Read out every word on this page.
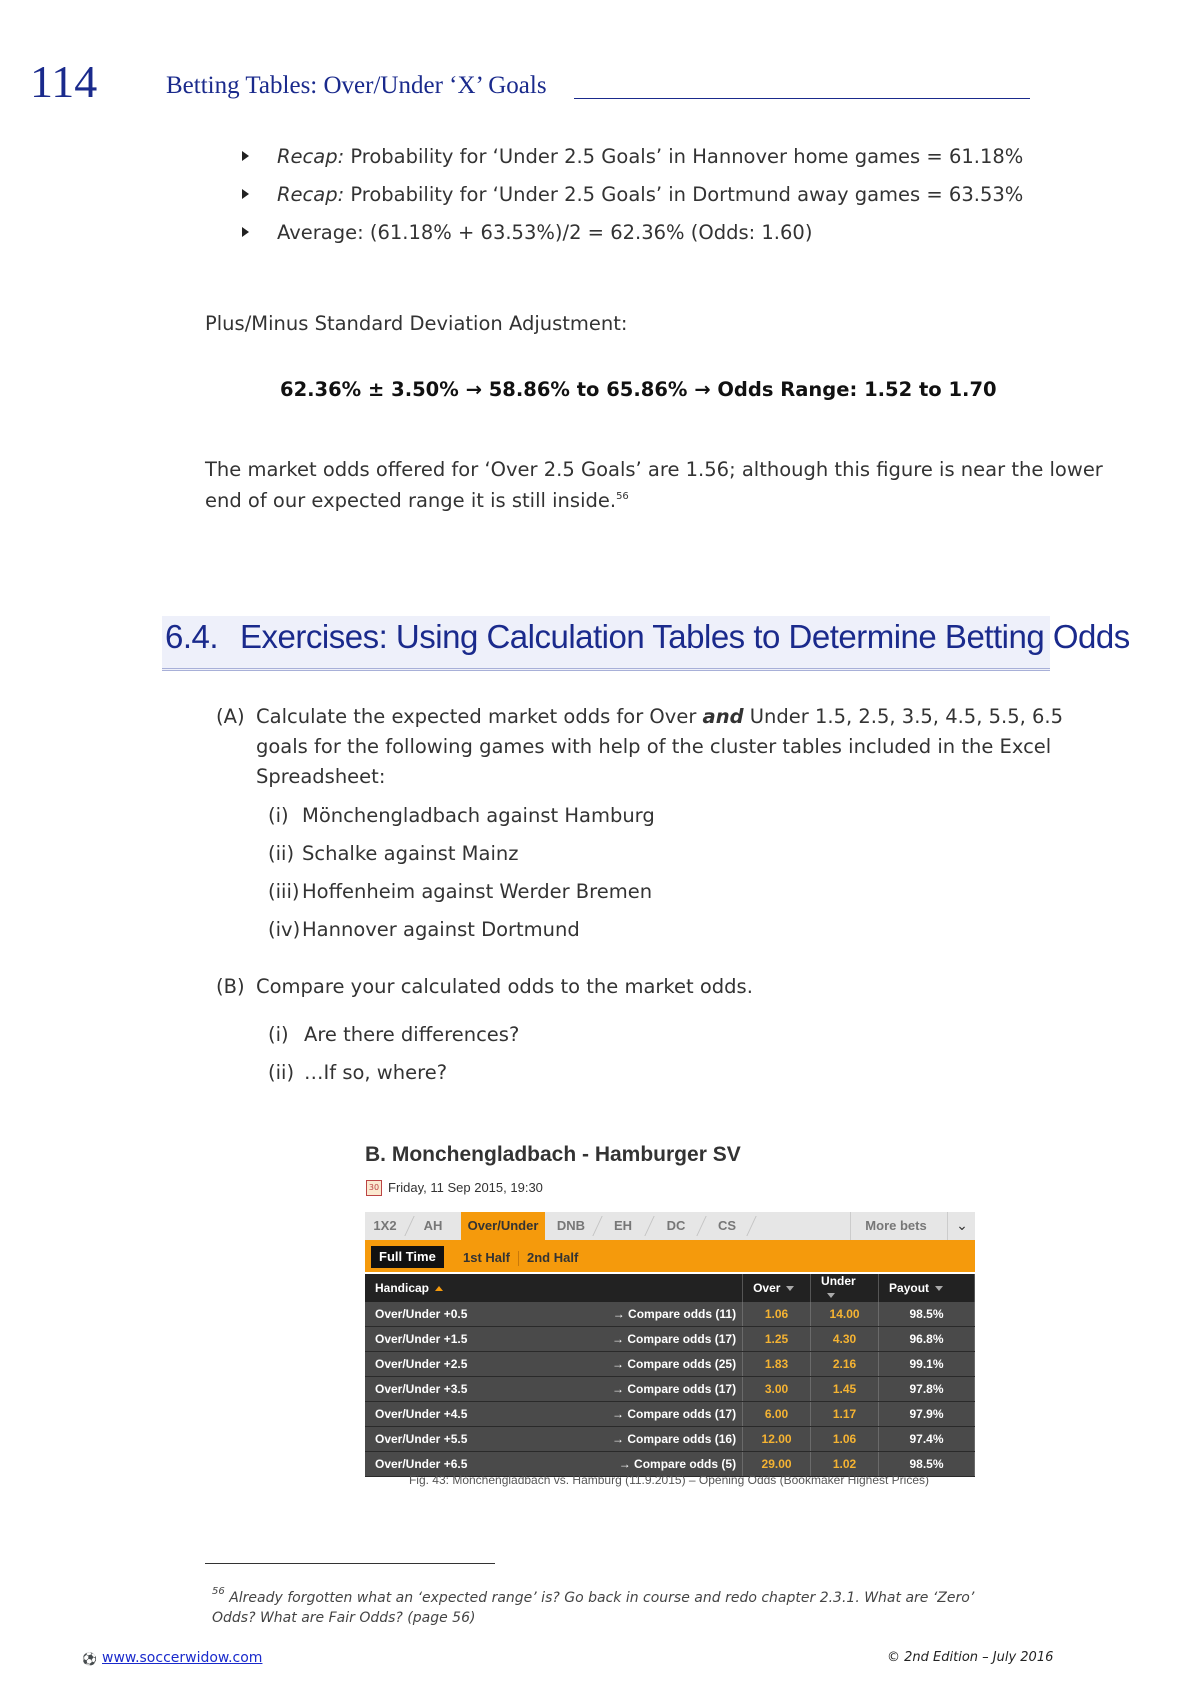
114	Betting Tables: Over/Under ‘X’ Goals
Recap: Probability for ‘Under 2.5 Goals’ in Hannover home games = 61.18%
Recap: Probability for ‘Under 2.5 Goals’ in Dortmund away games = 63.53%
Average: (61.18% + 63.53%)/2 = 62.36% (Odds: 1.60)
Plus/Minus Standard Deviation Adjustment:
62.36% ± 3.50% → 58.86% to 65.86% → Odds Range: 1.52 to 1.70
The market odds offered for ‘Over 2.5 Goals’ are 1.56; although this figure is near the lower
end of our expected range it is still inside.$^{56}$
6.4. Exercises: Using Calculation Tables to Determine Betting Odds
(A) Calculate the expected market odds for Over and Under 1.5, 2.5, 3.5, 4.5, 5.5, 6.5
goals for the following games with help of the cluster tables included in the Excel
Spreadsheet:
(i) Mönchengladbach against Hamburg
(ii) Schalke against Mainz
(iii) Hoffenheim against Werder Bremen
(iv) Hannover against Dortmund
(B) Compare your calculated odds to the market odds.
(i) Are there differences?
(ii) …If so, where?
B. Monchengladbach - Hamburger SV
30 Friday, 11 Sep 2015, 19:30
1X2	AH	Over/Under	DNB	EH	DC	CS	More bets	⌄
Full Time	1st Half 2nd Half
Handicap	Over	Under	Payout
Over/Under +0.5 → Compare odds (11)	1.06	14.00	98.5%
Over/Under +1.5 → Compare odds (17)	1.25	4.30	96.8%
Over/Under +2.5 → Compare odds (25)	1.83	2.16	99.1%
Over/Under +3.5 → Compare odds (17)	3.00	1.45	97.8%
Over/Under +4.5 → Compare odds (17)	6.00	1.17	97.9%
Over/Under +5.5 → Compare odds (16)	12.00	1.06	97.4%
Over/Under +6.5 → Compare odds (5)	29.00	1.02	98.5%
Fig. 43: Mönchengladbach vs. Hamburg (11.9.2015) – Opening Odds (Bookmaker Highest Prices)
$^{56}$ Already forgotten what an ‘expected range’ is? Go back in course and redo chapter 2.3.1. What are ‘Zero’ Odds? What are Fair Odds? (page 56)
⚽ www.soccerwidow.com	© 2nd Edition – July 2016
